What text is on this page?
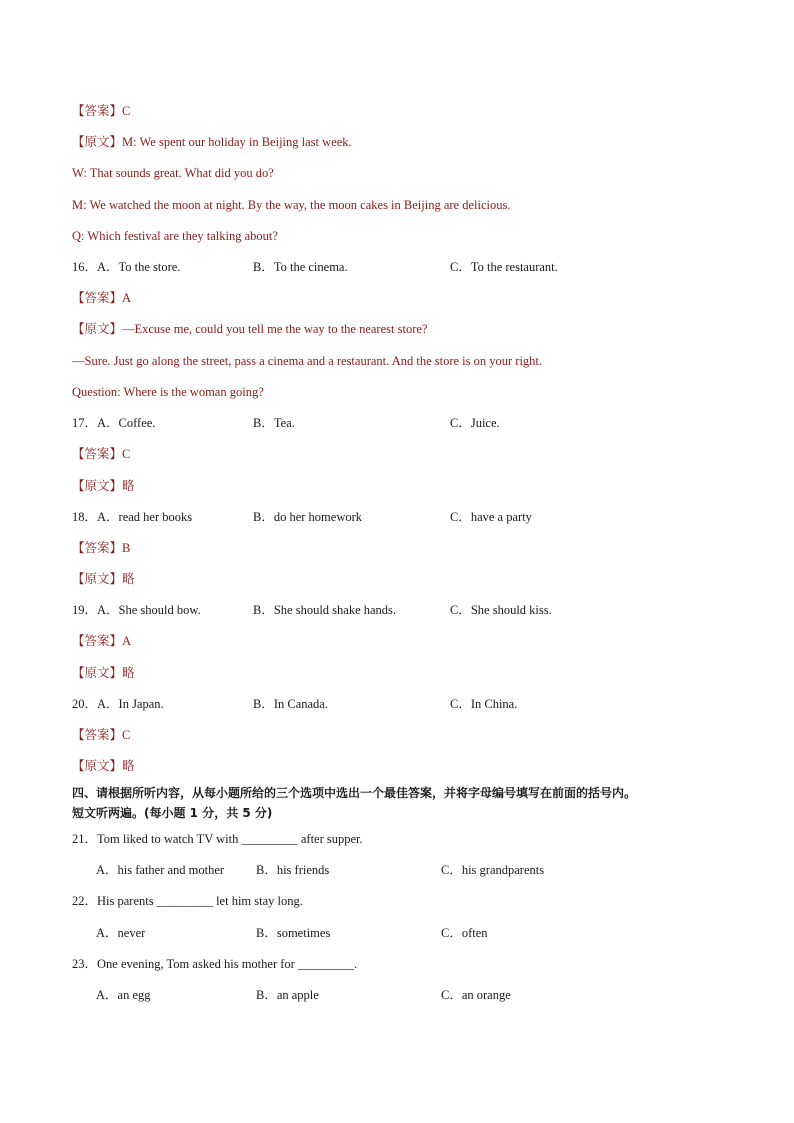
【答案】C
【原文】M: We spent our holiday in Beijing last week.
W: That sounds great. What did you do?
M: We watched the moon at night. By the way, the moon cakes in Beijing are delicious.
Q: Which festival are they talking about?
16．A．To the store.	B．To the cinema.	C．To the restaurant.
【答案】A
【原文】—Excuse me, could you tell me the way to the nearest store?
—Sure. Just go along the street, pass a cinema and a restaurant. And the store is on your right.
Question: Where is the woman going?
17．A．Coffee.	B．Tea.	C．Juice.
【答案】C
【原文】略
18．A．read her books	B．do her homework	C．have a party
【答案】B
【原文】略
19．A．She should bow.	B．She should shake hands.	C．She should kiss.
【答案】A
【原文】略
20．A．In Japan.	B．In Canada.	C．In China.
【答案】C
【原文】略
四、请根据所听内容，从每小题所给的三个选项中选出一个最佳答案，并将字母编号填写在前面的括号内。
短文听两遍。(每小题 1 分，共 5 分)
21．Tom liked to watch TV with _________ after supper.
A．his father and mother	B．his friends	C．his grandparents
22．His parents _________ let him stay long.
A．never	B．sometimes	C．often
23．One evening, Tom asked his mother for _________.
A．an egg	B．an apple	C．an orange
